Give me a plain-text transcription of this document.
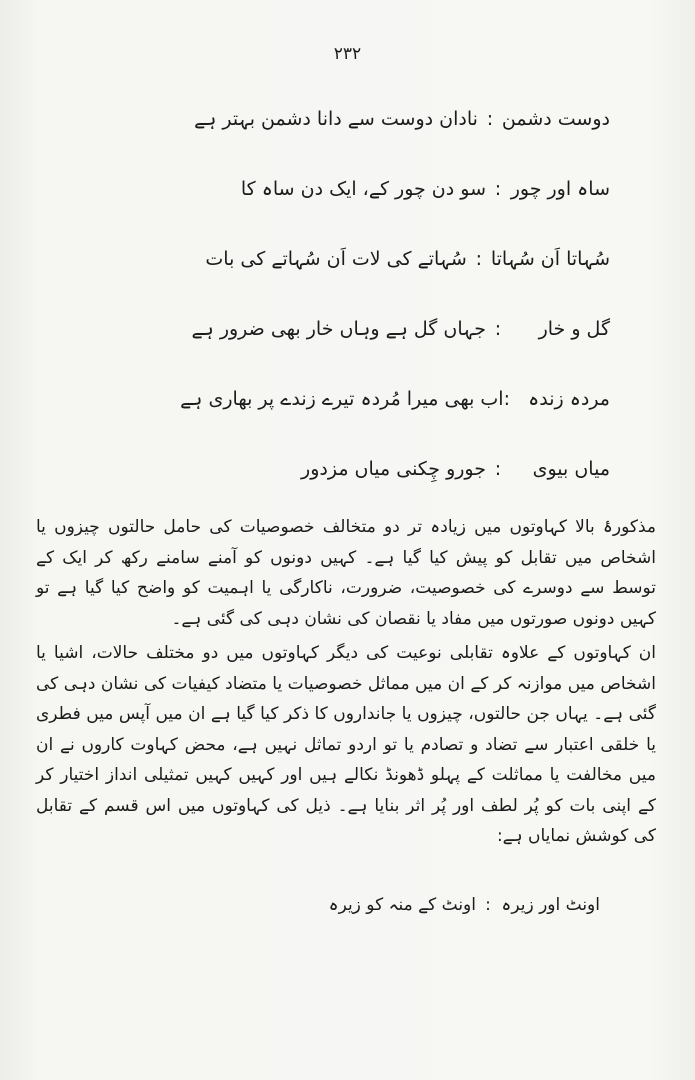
۲۳۲
دوست دشمن
:
نادان دوست سے دانا دشمن بہتر ہے
ساہ اور چور
:
سو دن چور کے، ایک دن ساہ کا
سُہاتا اَن سُہاتا
:
سُہاتے کی لات اَن سُہاتے کی بات
گل و خار
:
جہاں گل ہے وہاں خار بھی ضرور ہے
مردہ زندہ
:
اب بھی میرا مُردہ تیرے زندے پر بھاری ہے
میاں بیوی
:
جورو چِکنی میاں مزدور

مذکورۂ بالا کہاوتوں میں زیادہ تر دو متخالف خصوصیات کی حامل حالتوں چیزوں یا اشخاص میں تقابل کو پیش کیا گیا ہے۔ کہیں دونوں کو آمنے سامنے رکھ کر ایک کے توسط سے دوسرے کی خصوصیت، ضرورت، ناکارگی یا اہمیت کو واضح کیا گیا ہے تو کہیں دونوں صورتوں میں مفاد یا نقصان کی نشان دہی کی گئی ہے۔

ان کہاوتوں کے علاوہ تقابلی نوعیت کی دیگر کہاوتوں میں دو مختلف حالات، اشیا یا اشخاص میں موازنہ کر کے ان میں مماثل خصوصیات یا متضاد کیفیات کی نشان دہی کی گئی ہے۔ یہاں جن حالتوں، چیزوں یا جانداروں کا ذکر کیا گیا ہے ان میں آپس میں فطری یا خلقی اعتبار سے تضاد و تصادم یا تو اردو تماثل نہیں ہے، محض کہاوت کاروں نے ان میں مخالفت یا مماثلت کے پہلو ڈھونڈ نکالے ہیں اور کہیں کہیں تمثیلی انداز اختیار کر کے اپنی بات کو پُر لطف اور پُر اثر بنایا ہے۔ ذیل کی کہاوتوں میں اس قسم کے تقابل کی کوشش نمایاں ہے:

اونٹ اور زیرہ
:
اونٹ کے منہ کو زیرہ
